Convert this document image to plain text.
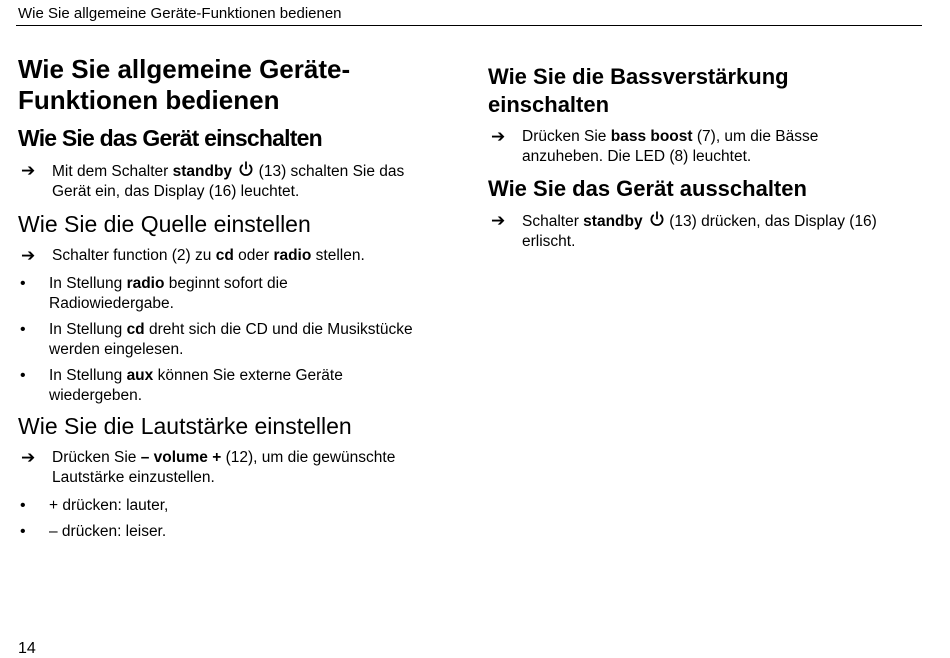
Wie Sie allgemeine Geräte-Funktionen bedienen
Wie Sie allgemeine Geräte-
Funktionen bedienen
Wie Sie das Gerät einschalten
➔ Mit dem Schalter standby  (13) schalten Sie das
Gerät ein, das Display (16) leuchtet.
Wie Sie die Quelle einstellen
➔ Schalter function (2) zu cd oder radio stellen.
• In Stellung radio beginnt sofort die
Radiowiedergabe.
• In Stellung cd dreht sich die CD und die Musikstücke
werden eingelesen.
• In Stellung aux können Sie externe Geräte
wiedergeben.
Wie Sie die Lautstärke einstellen
➔ Drücken Sie – volume + (12), um die gewünschte
Lautstärke einzustellen.
• + drücken: lauter,
• – drücken: leiser.
Wie Sie die Bassverstärkung
einschalten
➔ Drücken Sie bass boost (7), um die Bässe
anzuheben. Die LED (8) leuchtet.
Wie Sie das Gerät ausschalten
➔ Schalter standby  (13) drücken, das Display (16)
erlischt.
14
